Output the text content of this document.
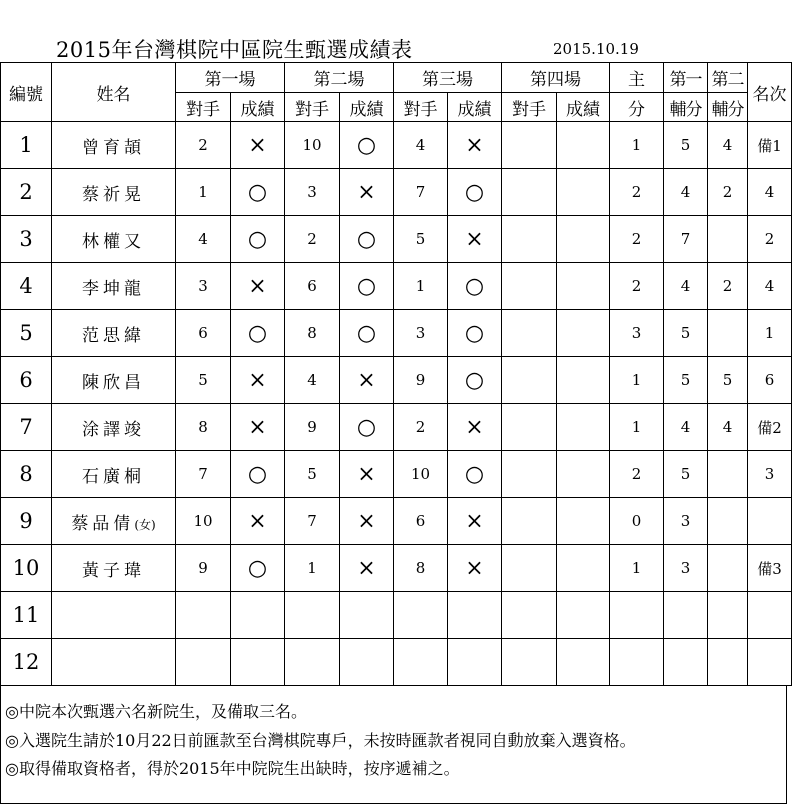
2015年台灣棋院中區院生甄選成績表	2015.10.19
編號	姓名	第一場		第二場		第三場		第四場		主	第一	第二	名次
		對手	成績	對手	成績	對手	成績	對手	成績	分	輔分	輔分	
1	曾育頡	2	×	10	○	4	×			1	5	4	備1
2	蔡祈晃	1	○	3	×	7	○			2	4	2	4
3	林權又	4	○	2	○	5	×			2	7		2
4	李坤龍	3	×	6	○	1	○			2	4	2	4
5	范思緯	6	○	8	○	3	○			3	5		1
6	陳欣昌	5	×	4	×	9	○			1	5	5	6
7	涂譯竣	8	×	9	○	2	×			1	4	4	備2
8	石廣桐	7	○	5	×	10	○			2	5		3
9	蔡品倩(女)	10	×	7	×	6	×			0	3		
10	黃子瑋	9	○	1	×	8	×			1	3		備3
11													
12													
◎中院本次甄選六名新院生，及備取三名。
◎入選院生請於10月22日前匯款至台灣棋院專戶，未按時匯款者視同自動放棄入選資格。
◎取得備取資格者，得於2015年中院院生出缺時，按序遞補之。
